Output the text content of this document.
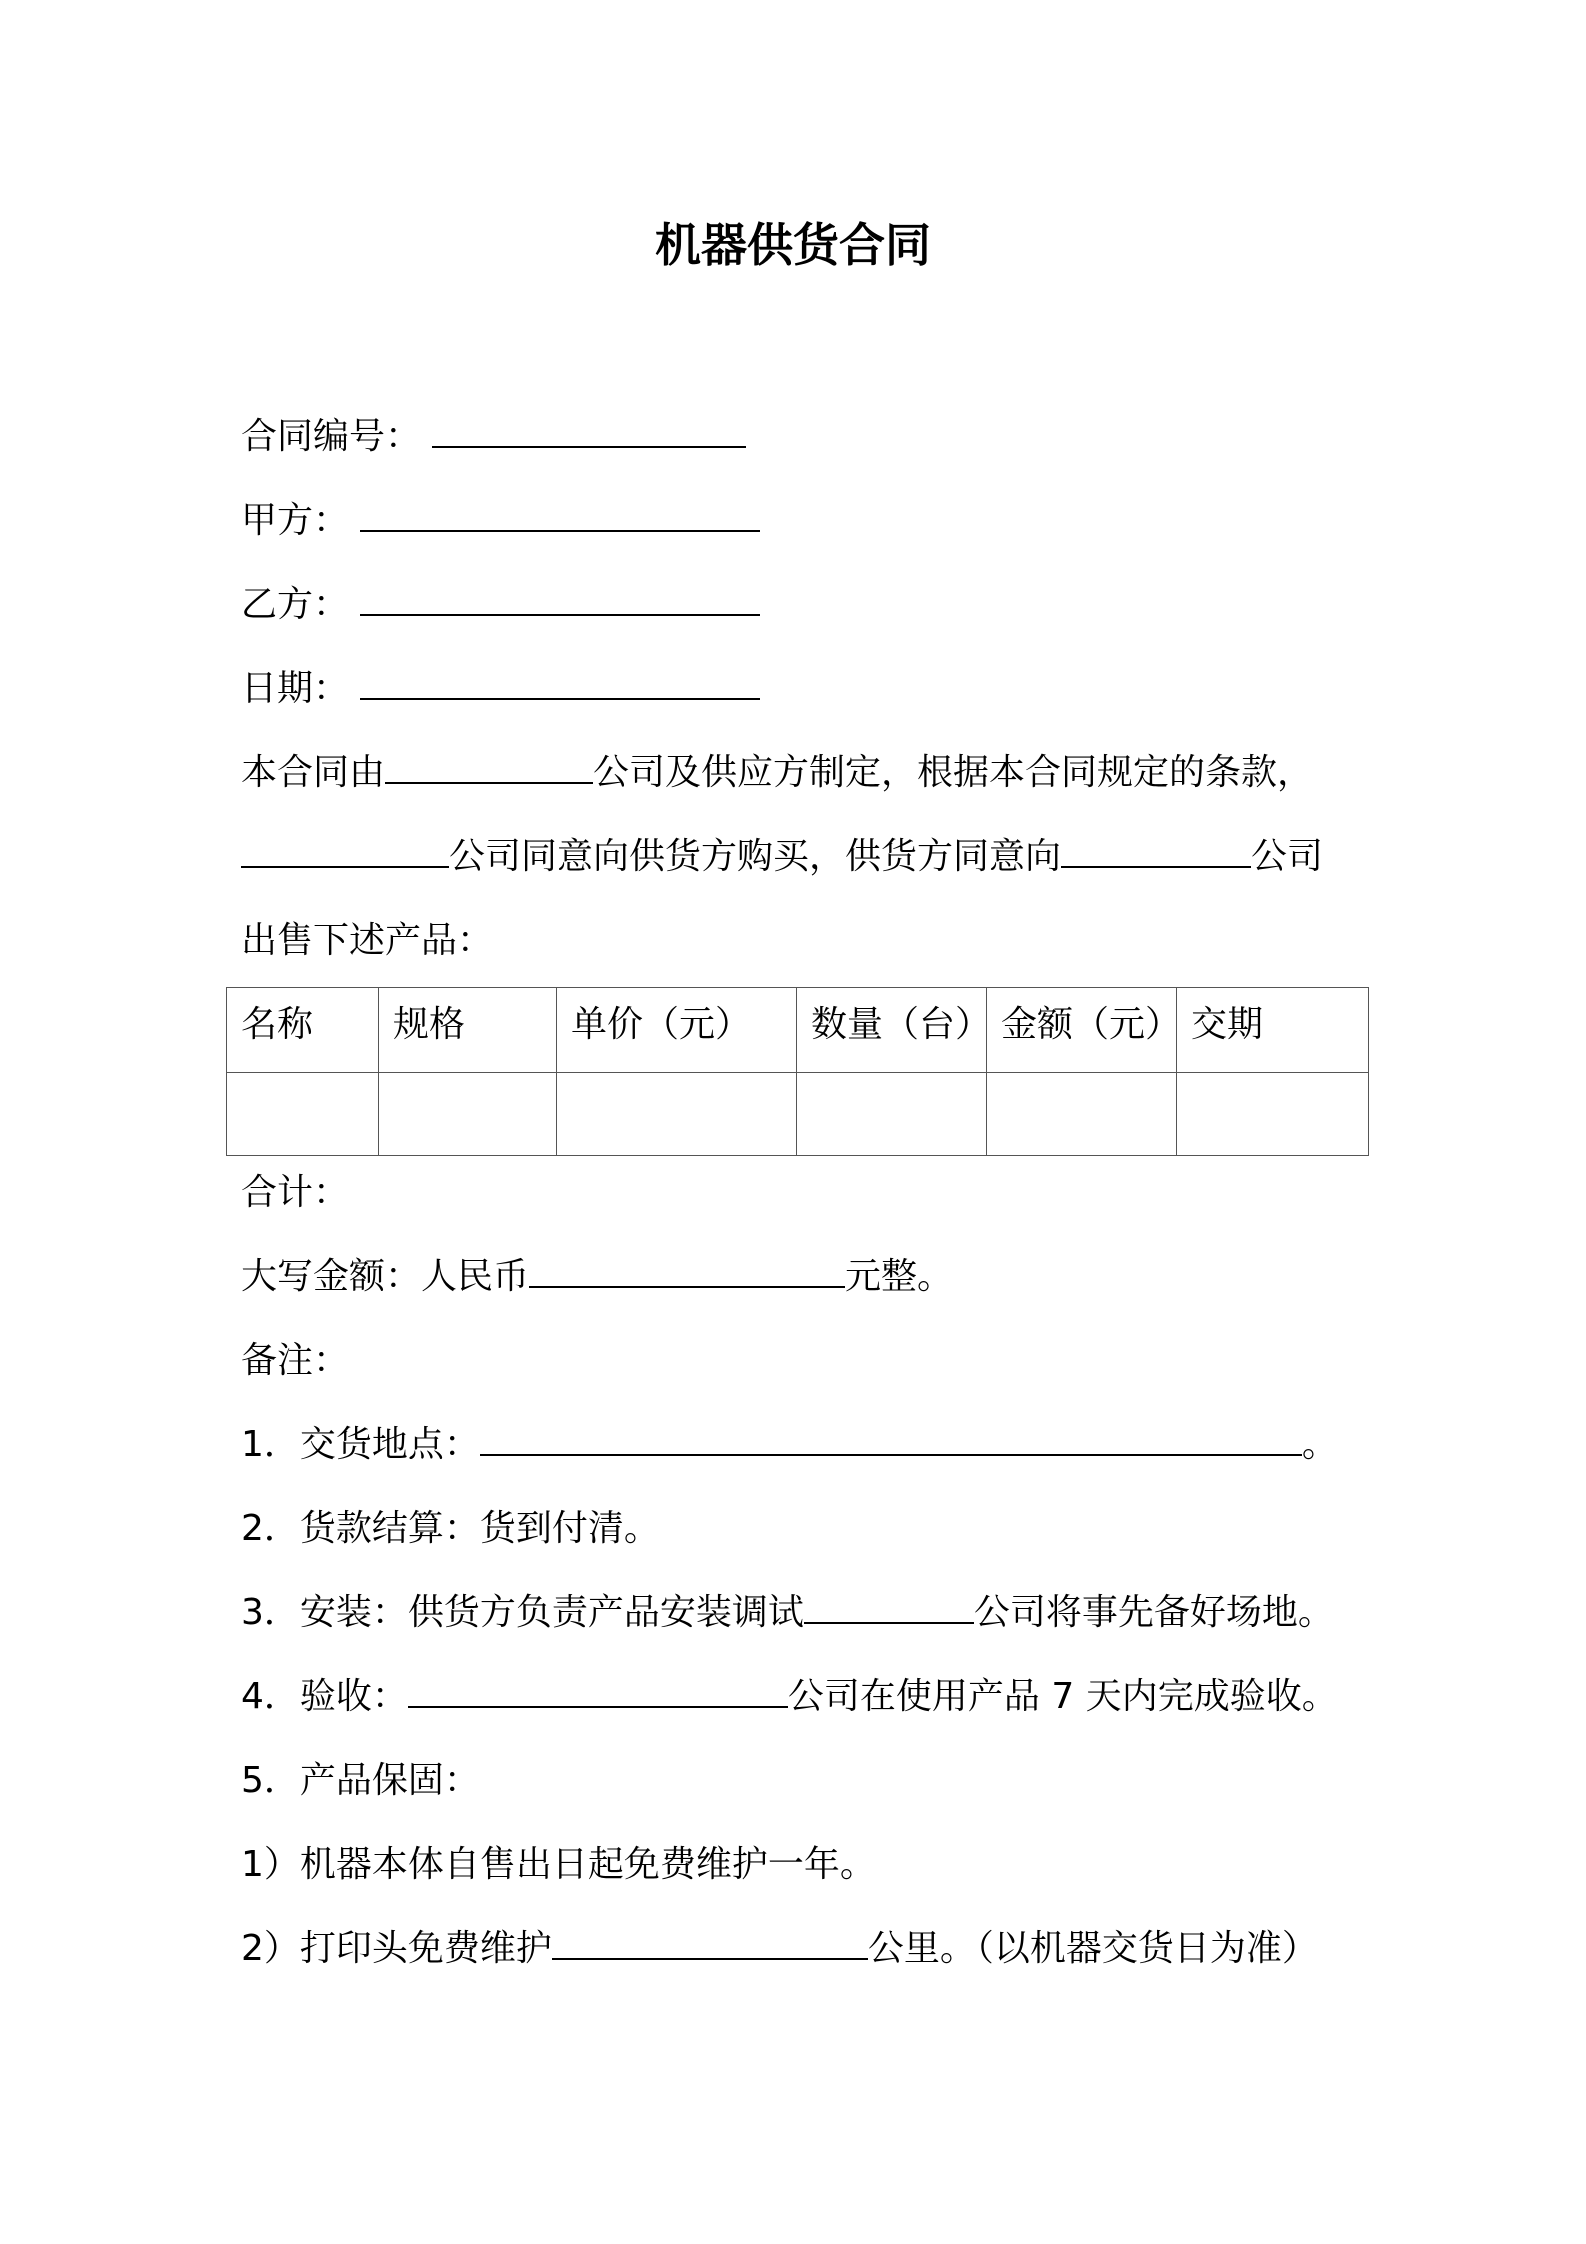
机器供货合同
合同编号：
甲方：
乙方：
日期：
本合同由	公司及供应方制定，根据本合同规定的条款，
公司同意向供货方购买，供货方同意向	公司
出售下述产品：
名称	规格	单价（元）	数量（台）	金额（元）	交期

合计：
大写金额：人民币	元整。
备注：
1．交货地点：	。
2．货款结算：货到付清。
3．安装：供货方负责产品安装调试	公司将事先备好场地。
4．验收：	公司在使用产品 7 天内完成验收。
5．产品保固：
1）机器本体自售出日起免费维护一年。
2）打印头免费维护	公里。（以机器交货日为准）
